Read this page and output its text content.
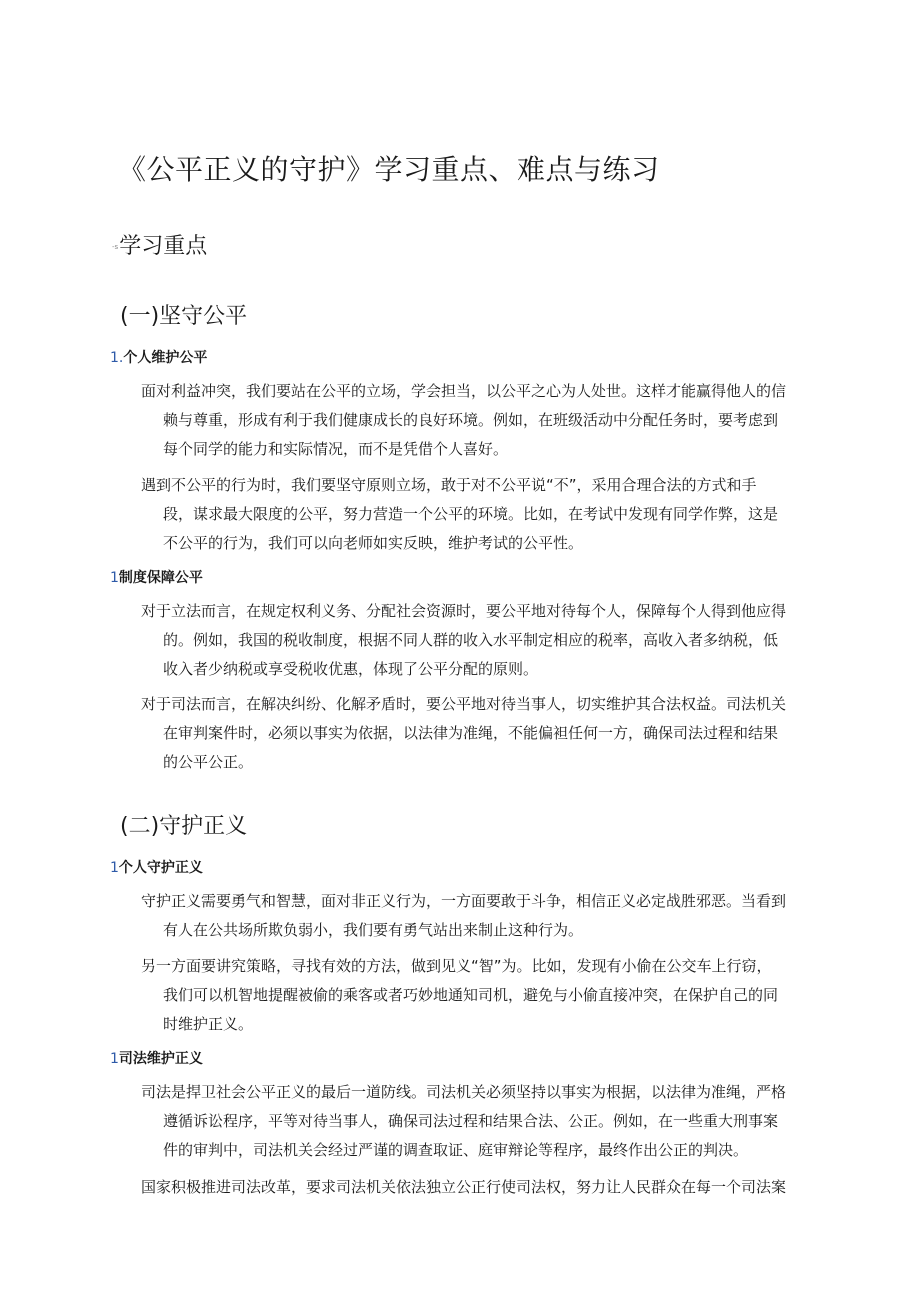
《公平正义的守护》学习重点、难点与练习
-s学习重点
(一)坚守公平
1.个人维护公平

面对利益冲突，我们要站在公平的立场，学会担当，以公平之心为人处世。这样才能赢得他人的信
赖与尊重，形成有利于我们健康成长的良好环境。例如，在班级活动中分配任务时，要考虑到
每个同学的能力和实际情况，而不是凭借个人喜好。

遇到不公平的行为时，我们要坚守原则立场，敢于对不公平说“不”，采用合理合法的方式和手
段，谋求最大限度的公平，努力营造一个公平的环境。比如，在考试中发现有同学作弊，这是
不公平的行为，我们可以向老师如实反映，维护考试的公平性。

1制度保障公平

对于立法而言，在规定权利义务、分配社会资源时，要公平地对待每个人，保障每个人得到他应得
的。例如，我国的税收制度，根据不同人群的收入水平制定相应的税率，高收入者多纳税，低
收入者少纳税或享受税收优惠，体现了公平分配的原则。

对于司法而言，在解决纠纷、化解矛盾时，要公平地对待当事人，切实维护其合法权益。司法机关
在审判案件时，必须以事实为依据，以法律为准绳，不能偏袒任何一方，确保司法过程和结果
的公平公正。

(二)守护正义
1个人守护正义

守护正义需要勇气和智慧，面对非正义行为，一方面要敢于斗争，相信正义必定战胜邪恶。当看到
有人在公共场所欺负弱小，我们要有勇气站出来制止这种行为。

另一方面要讲究策略，寻找有效的方法，做到见义“智”为。比如，发现有小偷在公交车上行窃，
我们可以机智地提醒被偷的乘客或者巧妙地通知司机，避免与小偷直接冲突，在保护自己的同
时维护正义。

1司法维护正义

司法是捍卫社会公平正义的最后一道防线。司法机关必须坚持以事实为根据，以法律为准绳，严格
遵循诉讼程序，平等对待当事人，确保司法过程和结果合法、公正。例如，在一些重大刑事案
件的审判中，司法机关会经过严谨的调查取证、庭审辩论等程序，最终作出公正的判决。

国家积极推进司法改革，要求司法机关依法独立公正行使司法权，努力让人民群众在每一个司法案
